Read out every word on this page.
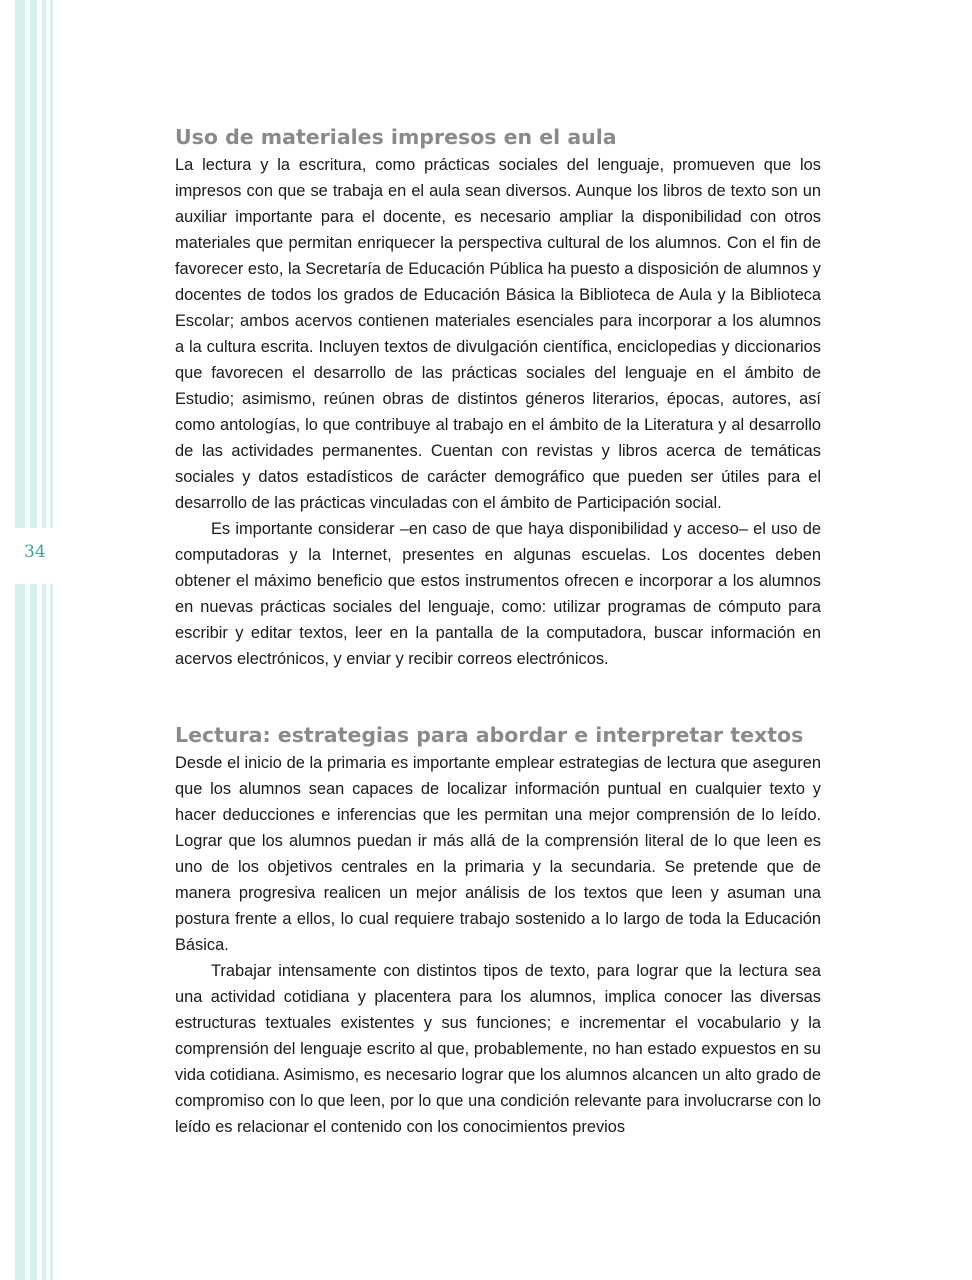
34
Uso de materiales impresos en el aula

La lectura y la escritura, como prácticas sociales del lenguaje, promueven que los impresos con que se trabaja en el aula sean diversos. Aunque los libros de texto son un auxiliar importante para el docente, es necesario ampliar la disponibilidad con otros materiales que permitan enriquecer la perspectiva cultural de los alumnos. Con el fin de favorecer esto, la Secretaría de Educación Pública ha puesto a disposición de alumnos y docentes de todos los grados de Educación Básica la Biblioteca de Aula y la Biblioteca Escolar; ambos acervos contienen materiales esenciales para incorporar a los alumnos a la cultura escrita. Incluyen textos de divulgación científica, enciclopedias y diccionarios que favorecen el desarrollo de las prácticas sociales del lenguaje en el ámbito de Estudio; asimismo, reúnen obras de distintos géneros literarios, épocas, autores, así como antologías, lo que contribuye al trabajo en el ámbito de la Literatura y al desarrollo de las actividades permanentes. Cuentan con revistas y libros acerca de temáticas sociales y datos estadísticos de carácter demográfico que pueden ser útiles para el desarrollo de las prácticas vinculadas con el ámbito de Participación social.

Es importante considerar –en caso de que haya disponibilidad y acceso– el uso de computadoras y la Internet, presentes en algunas escuelas. Los docentes deben obtener el máximo beneficio que estos instrumentos ofrecen e incorporar a los alumnos en nuevas prácticas sociales del lenguaje, como: utilizar programas de cómputo para escribir y editar textos, leer en la pantalla de la computadora, buscar información en acervos electrónicos, y enviar y recibir correos electrónicos.

Lectura: estrategias para abordar e interpretar textos

Desde el inicio de la primaria es importante emplear estrategias de lectura que aseguren que los alumnos sean capaces de localizar información puntual en cualquier texto y hacer deducciones e inferencias que les permitan una mejor comprensión de lo leído. Lograr que los alumnos puedan ir más allá de la comprensión literal de lo que leen es uno de los objetivos centrales en la primaria y la secundaria. Se pretende que de manera progresiva realicen un mejor análisis de los textos que leen y asuman una postura frente a ellos, lo cual requiere trabajo sostenido a lo largo de toda la Educación Básica.

Trabajar intensamente con distintos tipos de texto, para lograr que la lectura sea una actividad cotidiana y placentera para los alumnos, implica conocer las diversas estructuras textuales existentes y sus funciones; e incrementar el vocabulario y la comprensión del lenguaje escrito al que, probablemente, no han estado expuestos en su vida cotidiana. Asimismo, es necesario lograr que los alumnos alcancen un alto grado de compromiso con lo que leen, por lo que una condición relevante para involucrarse con lo leído es relacionar el contenido con los conocimientos previos
